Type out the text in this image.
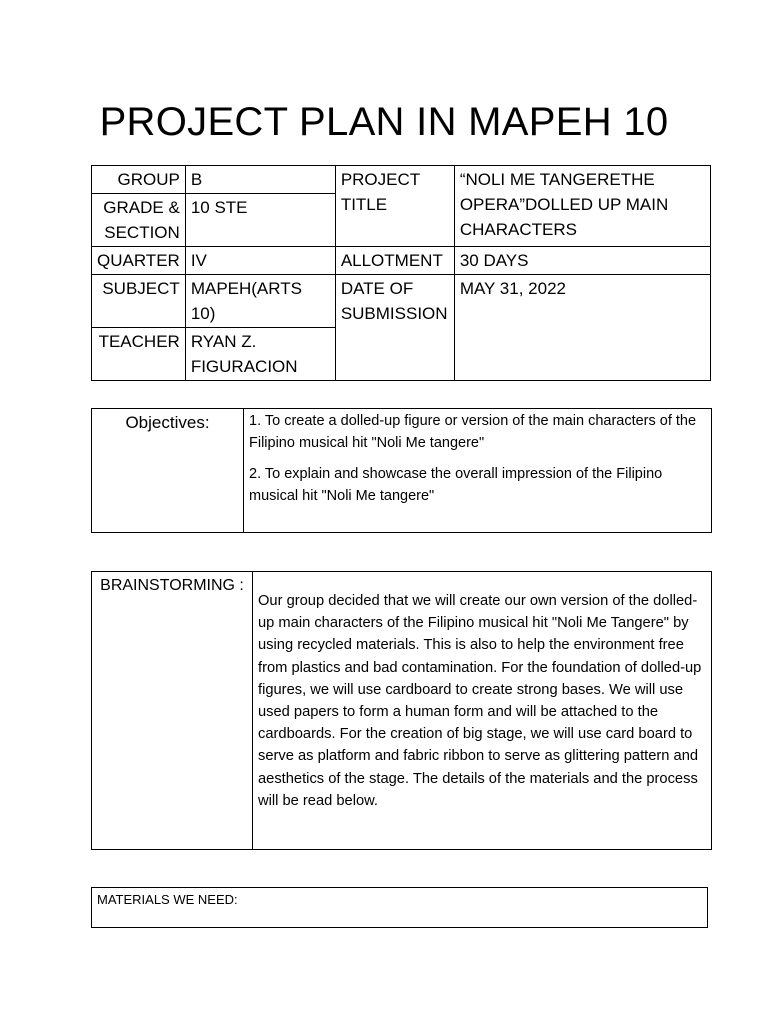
PROJECT PLAN IN MAPEH 10
GROUP	B	PROJECT TITLE	“NOLI ME TANGERETHE OPERA”DOLLED UP MAIN CHARACTERS
GRADE & SECTION	10 STE		
QUARTER	IV	ALLOTMENT	30 DAYS
SUBJECT	MAPEH(ARTS 10)	DATE OF SUBMISSION	MAY 31, 2022
TEACHER	RYAN Z. FIGURACION		
Objectives:	1. To create a dolled-up figure or version of the main characters of the Filipino musical hit "Noli Me tangere"

2. To explain and showcase the overall impression of the Filipino musical hit "Noli Me tangere"

BRAINSTORMING :	Our group decided that we will create our own version of the dolled-up main characters of the Filipino musical hit "Noli Me Tangere" by using recycled materials. This is also to help the environment free from plastics and bad contamination. For the foundation of dolled-up figures, we will use cardboard to create strong bases. We will use used papers to form a human form and will be attached to the cardboards. For the creation of big stage, we will use card board to serve as platform and fabric ribbon to serve as glittering pattern and aesthetics of the stage. The details of the materials and the process will be read below.
MATERIALS WE NEED:
